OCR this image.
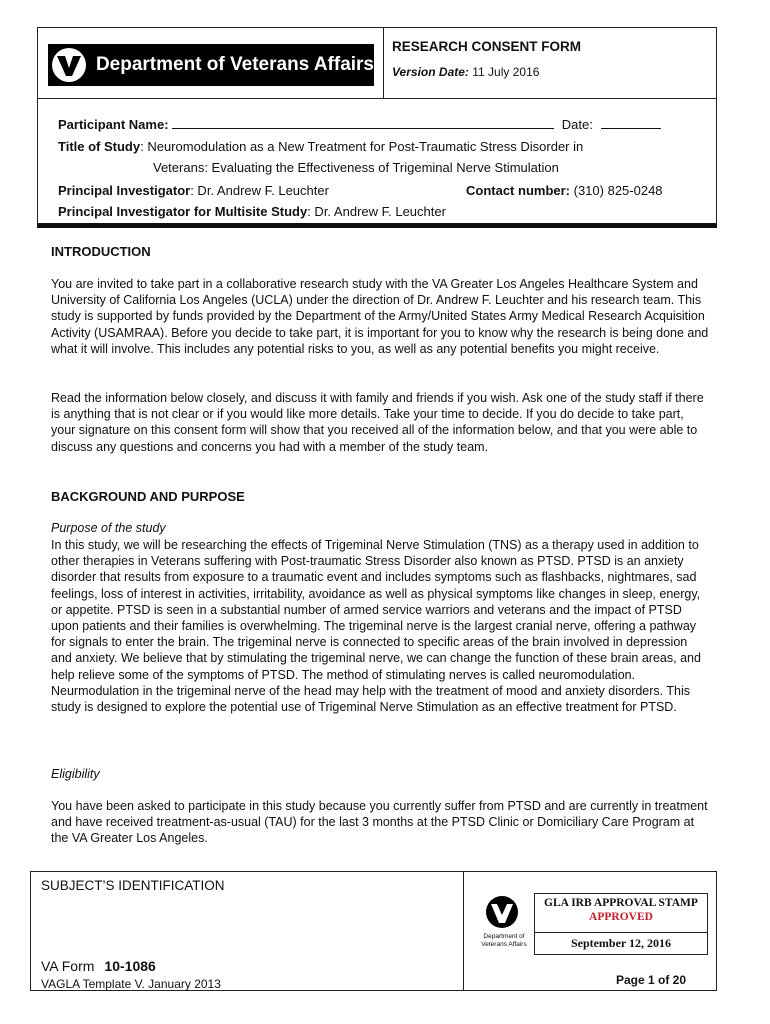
Department of Veterans Affairs
RESEARCH CONSENT FORM
Version Date: 11 July 2016
Participant Name:	Date:
Title of Study: Neuromodulation as a New Treatment for Post-Traumatic Stress Disorder in
Veterans: Evaluating the Effectiveness of Trigeminal Nerve Stimulation
Principal Investigator: Dr. Andrew F. Leuchter	Contact number: (310) 825-0248
Principal Investigator for Multisite Study: Dr. Andrew F. Leuchter
INTRODUCTION
You are invited to take part in a collaborative research study with the VA Greater Los Angeles Healthcare System and University of California Los Angeles (UCLA) under the direction of Dr. Andrew F. Leuchter and his research team. This study is supported by funds provided by the Department of the Army/United States Army Medical Research Acquisition Activity (USAMRAA). Before you decide to take part, it is important for you to know why the research is being done and what it will involve. This includes any potential risks to you, as well as any potential benefits you might receive.
Read the information below closely, and discuss it with family and friends if you wish. Ask one of the study staff if there is anything that is not clear or if you would like more details. Take your time to decide. If you do decide to take part, your signature on this consent form will show that you received all of the information below, and that you were able to discuss any questions and concerns you had with a member of the study team.
BACKGROUND AND PURPOSE
Purpose of the study
In this study, we will be researching the effects of Trigeminal Nerve Stimulation (TNS) as a therapy used in addition to other therapies in Veterans suffering with Post-traumatic Stress Disorder also known as PTSD. PTSD is an anxiety disorder that results from exposure to a traumatic event and includes symptoms such as flashbacks, nightmares, sad feelings, loss of interest in activities, irritability, avoidance as well as physical symptoms like changes in sleep, energy, or appetite. PTSD is seen in a substantial number of armed service warriors and veterans and the impact of PTSD upon patients and their families is overwhelming. The trigeminal nerve is the largest cranial nerve, offering a pathway for signals to enter the brain. The trigeminal nerve is connected to specific areas of the brain involved in depression and anxiety. We believe that by stimulating the trigeminal nerve, we can change the function of these brain areas, and help relieve some of the symptoms of PTSD. The method of stimulating nerves is called neuromodulation. Neurmodulation in the trigeminal nerve of the head may help with the treatment of mood and anxiety disorders. This study is designed to explore the potential use of Trigeminal Nerve Stimulation as an effective treatment for PTSD.
Eligibility
You have been asked to participate in this study because you currently suffer from PTSD and are currently in treatment and have received treatment-as-usual (TAU) for the last 3 months at the PTSD Clinic or Domiciliary Care Program at the VA Greater Los Angeles.
SUBJECT’S IDENTIFICATION
VA Form 10-1086
VAGLA Template V. January 2013	Page 1 of 20
Department of Veterans Affairs
GLA IRB APPROVAL STAMP
APPROVED
September 12, 2016
